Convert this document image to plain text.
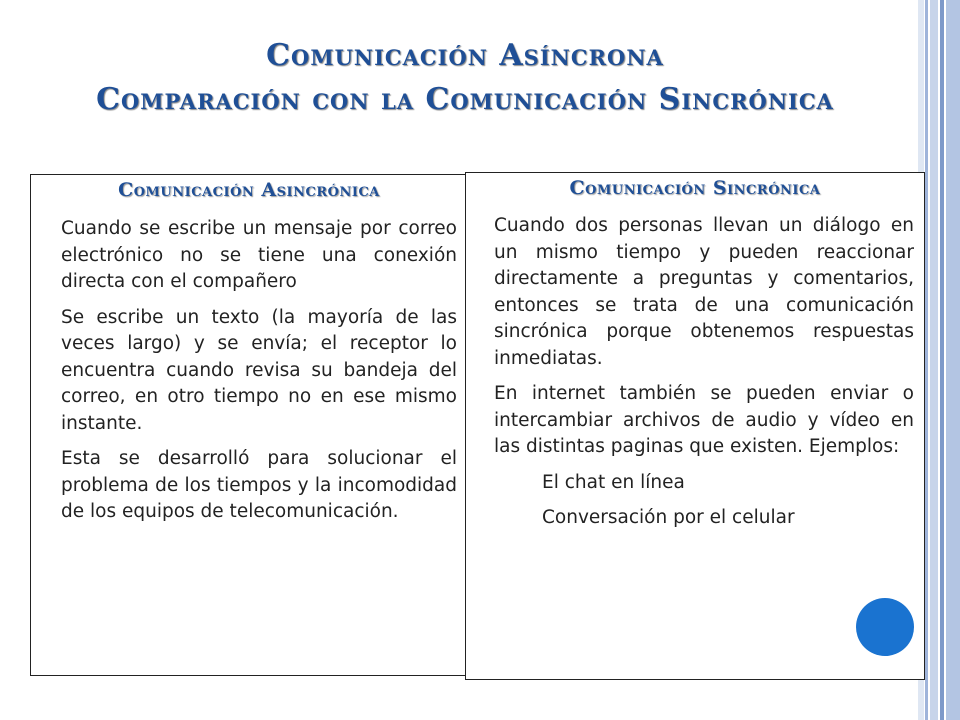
Comunicación Asíncrona
Comparación con la Comunicación Sincrónica
Comunicación Asincrónica

Cuando se escribe un mensaje por correo electrónico no se tiene una conexión directa con el compañero

Se escribe un texto (la mayoría de las veces largo) y se envía; el receptor lo encuentra cuando revisa su bandeja del correo, en otro tiempo no en ese mismo instante.

Esta se desarrolló para solucionar el problema de los tiempos y la incomodidad de los equipos de telecomunicación.

Comunicación Sincrónica

Cuando dos personas llevan un diálogo en un mismo tiempo y pueden reaccionar directamente a preguntas y comentarios, entonces se trata de una comunicación sincrónica porque obtenemos respuestas inmediatas.

En internet también se pueden enviar o intercambiar archivos de audio y vídeo en las distintas paginas que existen. Ejemplos:

El chat en línea

Conversación por el celular
